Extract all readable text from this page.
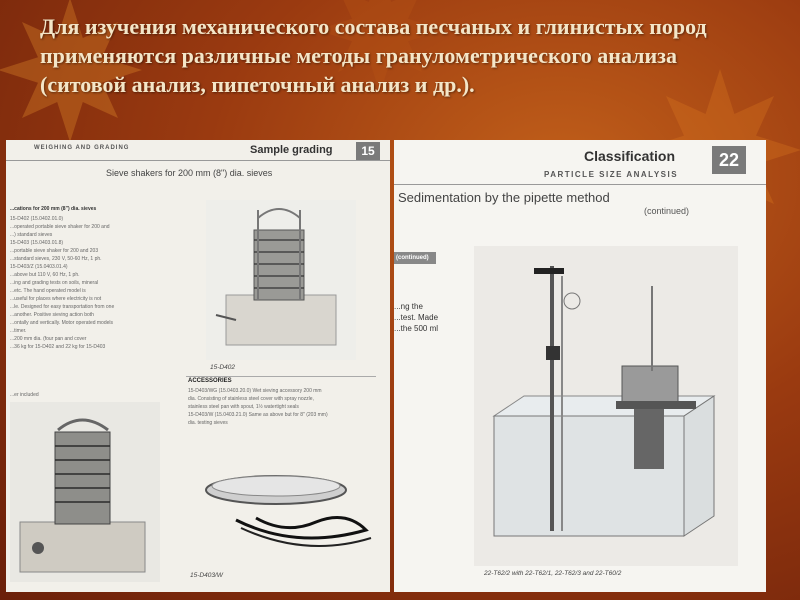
Для изучения механического состава песчаных и глинистых пород применяются различные методы гранулометрического анализа (ситовой анализ, пипеточный анализ и др.).
WEIGHING AND GRADING	Sample grading	15
Sieve shakers for 200 mm (8") dia. sieves
...cations for 200 mm (8") dia. sieves
15-D402 (15.0402.01.0)
...operated portable sieve shaker for 200 and
...) standard sieves
15-D403 (15.0403.01.8)
...portable sieve shaker for 200 and 203
...standard sieves, 230 V, 50-60 Hz, 1 ph.
15-D403/Z (15.0403.01.4)
...above but 110 V, 60 Hz, 1 ph.
...ing and grading tests on soils, mineral
...etc. The hand operated model is
...useful for places where electricity is not
...le. Designed for easy transportation from one
...another. Positive sieving action both
...ontally and vertically. Motor operated models
...timer.
...200 mm dia. (four pan and cover
...36 kg for 15-D402 and 22 kg for 15-D403
15-D402
ACCESSORIES
15-D403/WG (15.0403.20.0) Wet sieving accessory 200 mm
dia. Consisting of stainless steel cover with spray nozzle,
stainless steel pan with spout, 1½ watertight seals
15-D403/W (15.0403.21.0) Same as above but for 8" (203 mm)
dia. testing sieves
...er included
15-D403/W
Classification	22
PARTICLE SIZE ANALYSIS
Sedimentation by the pipette method
(continued)
(continued)
...ng the
...test. Made
...the 500 ml
22-T62/2 with 22-T62/1, 22-T62/3 and 22-T60/2
